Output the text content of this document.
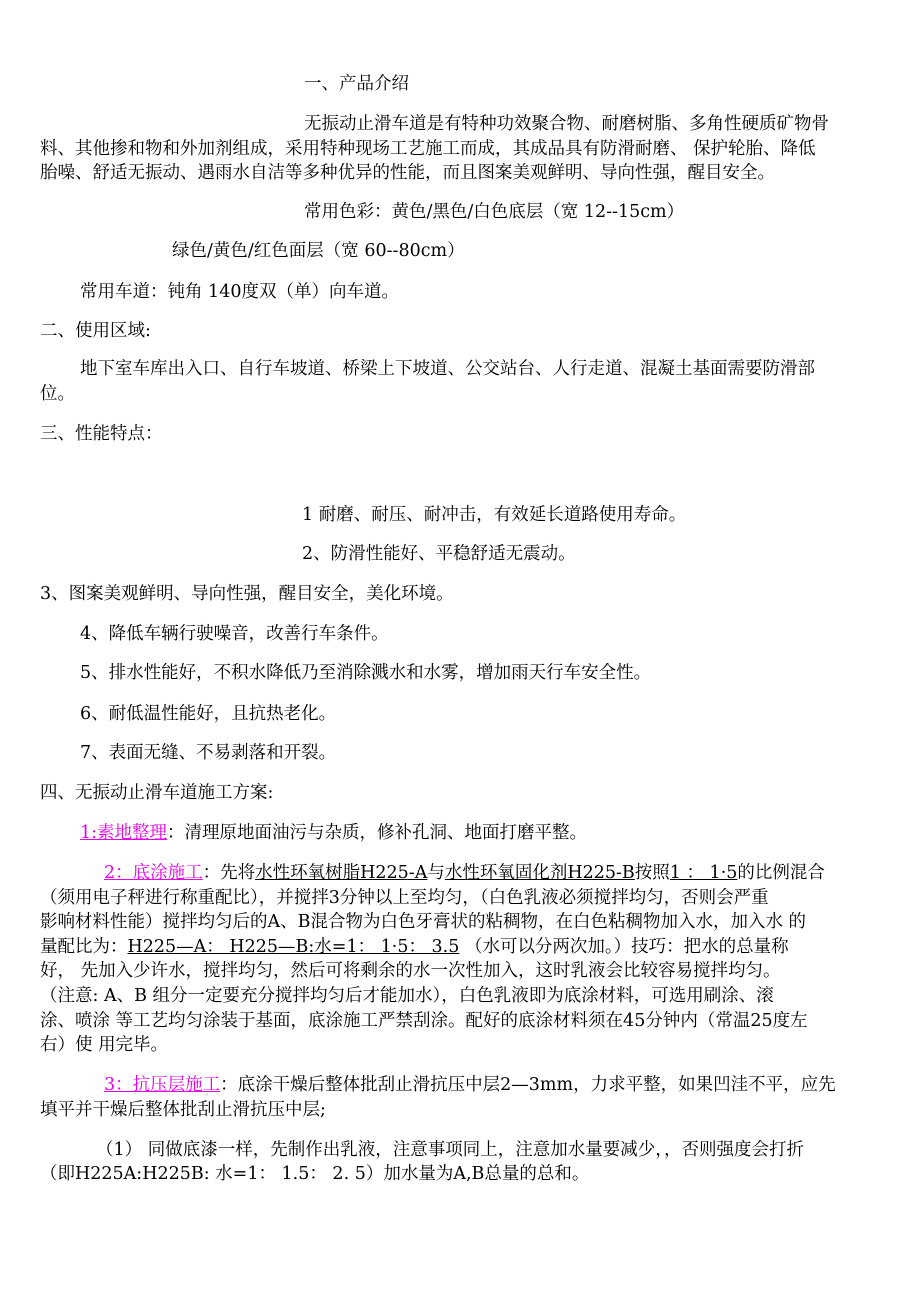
一、产品介绍
无振动止滑车道是有特种功效聚合物、耐磨树脂、多角性硬质矿物骨
料、其他掺和物和外加剂组成，采用特种现场工艺施工而成，其成品具有防滑耐磨、 保护轮胎、降低
胎噪、舒适无振动、遇雨水自洁等多种优异的性能，而且图案美观鲜明、导向性强，醒目安全。
常用色彩：黄色/黑色/白色底层（宽 12--15cm）
绿色/黄色/红色面层（宽 60--80cm）
常用车道：钝角 140度双（单）向车道。
二、使用区域:
地下室车库出入口、自行车坡道、桥梁上下坡道、公交站台、人行走道、混凝土基面需要防滑部
位。
三、性能特点：
1 耐磨、耐压、耐冲击，有效延长道路使用寿命。
2、防滑性能好、平稳舒适无震动。
3、图案美观鲜明、导向性强，醒目安全，美化环境。
4、降低车辆行驶噪音，改善行车条件。
5、排水性能好，不积水降低乃至消除溅水和水雾，增加雨天行车安全性。
6、耐低温性能好，且抗热老化。
7、表面无缝、不易剥落和开裂。
四、无振动止滑车道施工方案:
1:素地整理：清理原地面油污与杂质，修补孔洞、地面打磨平整。
2：底涂施工：先将水性环氧树脂H225-A与水性环氧固化剂H225-B按照1 ： 1·5的比例混合
（须用电子秤进行称重配比），并搅拌3分钟以上至均匀，（白色乳液必须搅拌均匀，否则会严重
影响材料性能）搅拌均匀后的A、B混合物为白色牙膏状的粘稠物，在白色粘稠物加入水，加入水 的
量配比为：H225—A： H225—B:水=1： 1·5： 3.5 （水可以分两次加。）技巧：把水的总量称
好， 先加入少许水，搅拌均匀，然后可将剩余的水一次性加入，这时乳液会比较容易搅拌均匀。
（注意: A、B 组分一定要充分搅拌均匀后才能加水），白色乳液即为底涂材料，可选用刷涂、滚
涂、喷涂 等工艺均匀涂装于基面，底涂施工严禁刮涂。配好的底涂材料须在45分钟内（常温25度左
右）使 用完毕。
3：抗压层施工：底涂干燥后整体批刮止滑抗压中层2—3mm，力求平整，如果凹洼不平，应先
填平并干燥后整体批刮止滑抗压中层;
（1） 同做底漆一样，先制作出乳液，注意事项同上，注意加水量要减少，，否则强度会打折
（即H225A:H225B: 水=1： 1.5： 2. 5）加水量为A,B总量的总和。
